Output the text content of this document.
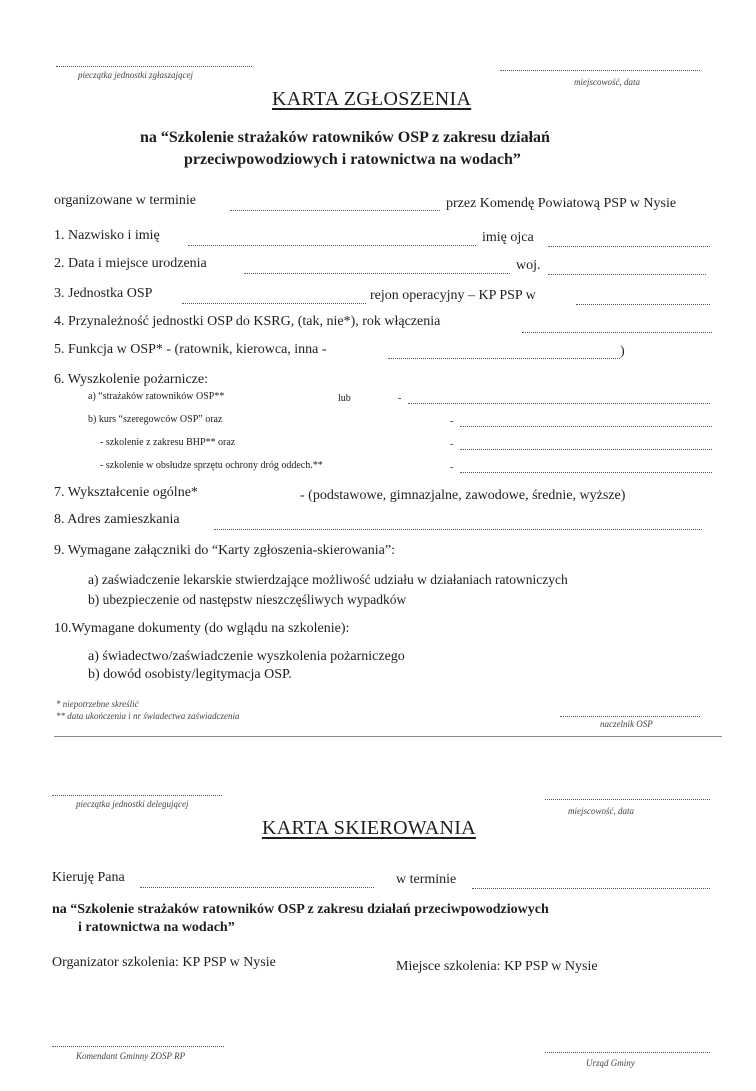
pieczątka jednostki zgłaszającej
miejscowość, data
KARTA ZGŁOSZENIA
na “Szkolenie strażaków ratowników OSP z zakresu działań
przeciwpowodziowych i ratownictwa na wodach”
organizowane w terminie	przez Komendę Powiatową PSP w Nysie
1. Nazwisko i imię	imię ojca
2. Data i miejsce urodzenia	woj.
3. Jednostka OSP	rejon operacyjny – KP PSP w
4. Przynależność jednostki OSP do KSRG, (tak, nie*), rok włączenia
5. Funkcja w OSP* - (ratownik, kierowca, inna -	)
6. Wyszkolenie pożarnicze:
a) “strażaków ratowników OSP**	lub	-
b) kurs “szeregowców OSP” oraz	-
- szkolenie z zakresu BHP** oraz	-
- szkolenie w obsłudze sprzętu ochrony dróg oddech.**	-
7. Wykształcenie ogólne*	- (podstawowe, gimnazjalne, zawodowe, średnie, wyższe)
8. Adres zamieszkania
9. Wymagane załączniki do “Karty zgłoszenia-skierowania”:
a) zaświadczenie lekarskie stwierdzające możliwość udziału w działaniach ratowniczych
b) ubezpieczenie od następstw nieszczęśliwych wypadków
10.Wymagane dokumenty (do wglądu na szkolenie):
a) świadectwo/zaświadczenie wyszkolenia pożarniczego
b) dowód osobisty/legitymacja OSP.
* niepotrzebne skreślić
** data ukończenia i nr świadectwa zaświadczenia
naczelnik OSP
pieczątka jednostki delegującej
miejscowość, data
KARTA SKIEROWANIA
Kieruję Pana	w terminie
na “Szkolenie strażaków ratowników OSP z zakresu działań przeciwpowodziowych
i ratownictwa na wodach”
Organizator szkolenia: KP PSP w Nysie	Miejsce szkolenia: KP PSP w Nysie
Komendant Gminny ZOSP RP
Urząd Gminy
